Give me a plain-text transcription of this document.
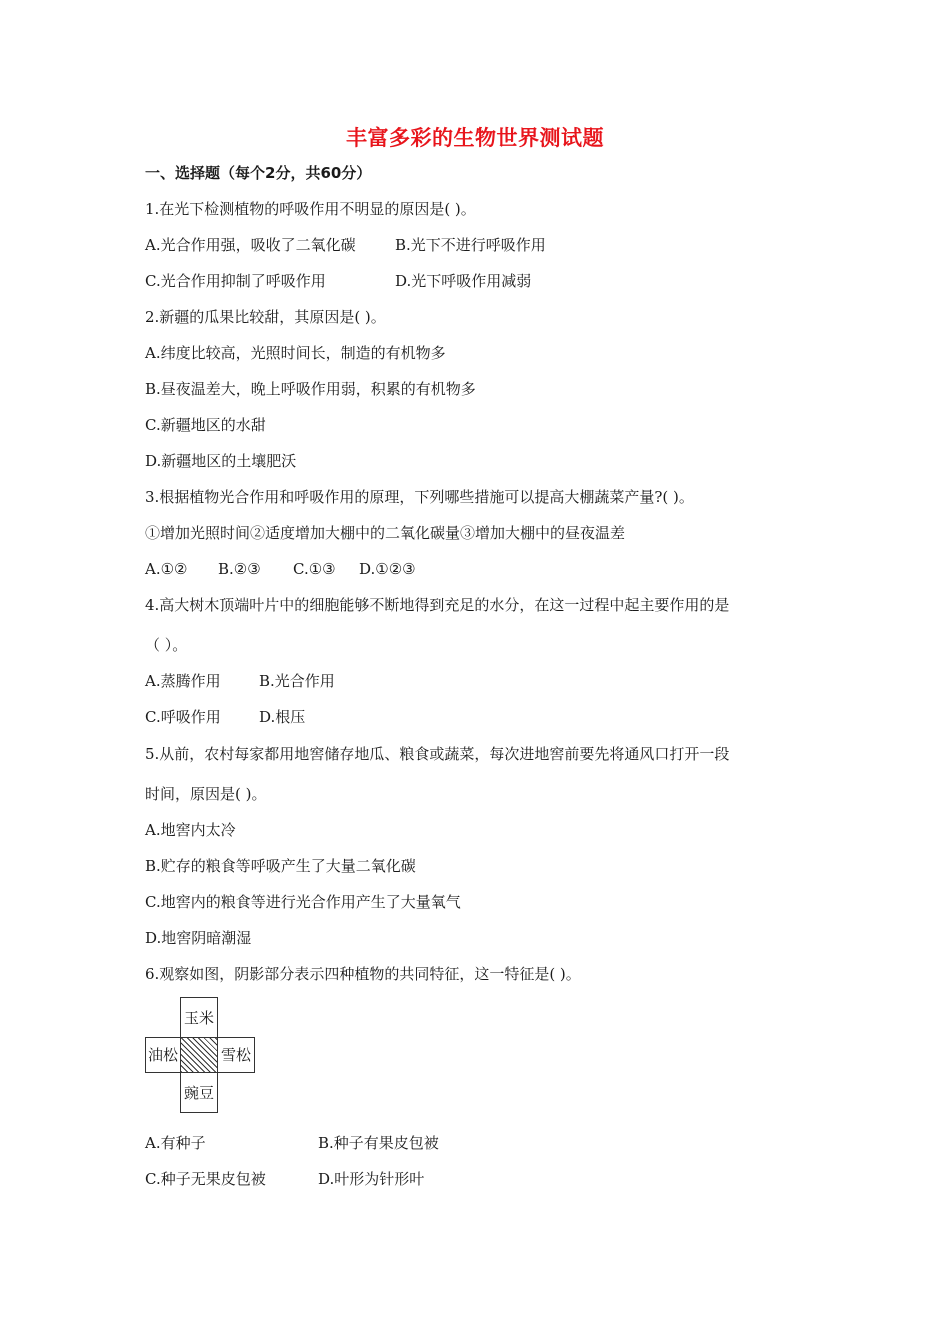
丰富多彩的生物世界测试题
一、选择题（每个2分，共60分）
1.在光下检测植物的呼吸作用不明显的原因是( )。
A.光合作用强，吸收了二氧化碳	B.光下不进行呼吸作用
C.光合作用抑制了呼吸作用	D.光下呼吸作用减弱
2.新疆的瓜果比较甜，其原因是( )。
A.纬度比较高，光照时间长，制造的有机物多
B.昼夜温差大，晚上呼吸作用弱，积累的有机物多
C.新疆地区的水甜
D.新疆地区的土壤肥沃
3.根据植物光合作用和呼吸作用的原理，下列哪些措施可以提高大棚蔬菜产量?( )。
①增加光照时间②适度增加大棚中的二氧化碳量③增加大棚中的昼夜温差
A.①② B.②③ C.①③ D.①②③
4.高大树木顶端叶片中的细胞能够不断地得到充足的水分，在这一过程中起主要作用的是
（ ）。
A.蒸腾作用	B.光合作用
C.呼吸作用	D.根压
5.从前，农村每家都用地窖储存地瓜、粮食或蔬菜，每次进地窖前要先将通风口打开一段
时间，原因是( )。
A.地窖内太冷
B.贮存的粮食等呼吸产生了大量二氧化碳
C.地窖内的粮食等进行光合作用产生了大量氧气
D.地窖阴暗潮湿
6.观察如图，阴影部分表示四种植物的共同特征，这一特征是( )。
玉米
油松	雪松
豌豆
A.有种子	B.种子有果皮包被
C.种子无果皮包被	D.叶形为针形叶
